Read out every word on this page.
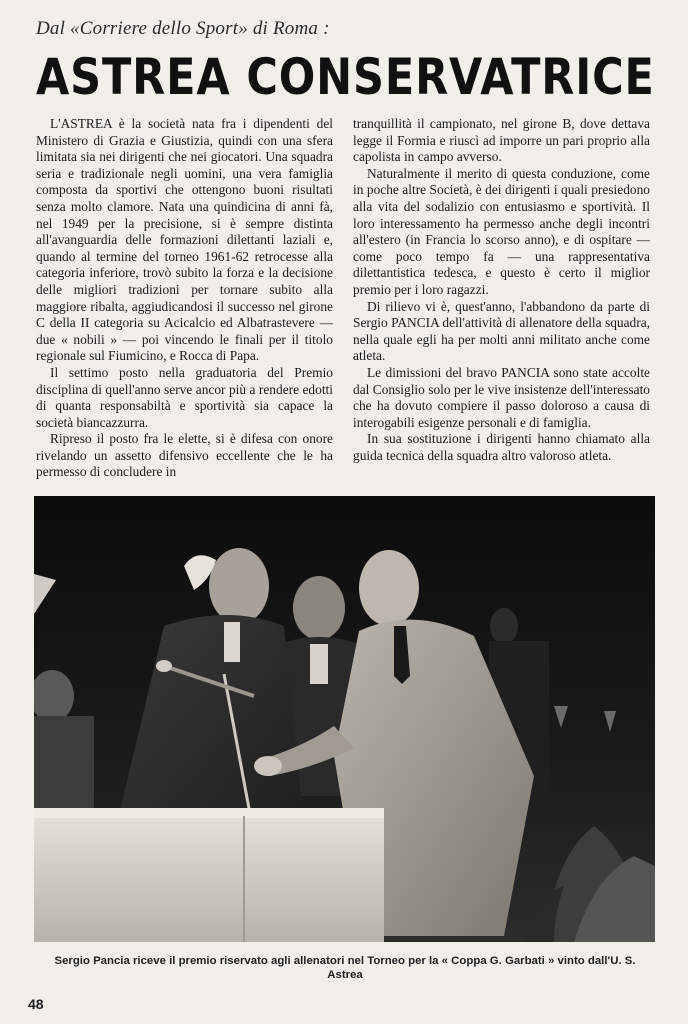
Dal «Corriere dello Sport» di Roma :
ASTREA CONSERVATRICE

L'ASTREA è la società nata fra i dipendenti del Ministero di Grazia e Giustizia, quindi con una sfera limitata sia nei dirigenti che nei giocatori. Una squadra seria e tradizionale negli uomini, una vera famiglia composta da sportivi che ottengono buoni risultati senza molto clamore. Nata una quindicina di anni fà, nel 1949 per la precisione, si è sempre distinta all'avanguardia delle formazioni dilettanti laziali e, quando al termine del torneo 1961-62 retrocesse alla categoria inferiore, trovò subito la forza e la decisione delle migliori tradizioni per tornare subito alla maggiore ribalta, aggiudicandosi il successo nel girone C della II categoria su Acicalcio ed Albatrastevere — due « nobili » — poi vincendo le finali per il titolo regionale sul Fiumicino, e Rocca di Papa.

Il settimo posto nella graduatoria del Premio disciplina di quell'anno serve ancor più a rendere edotti di quanta responsabiltà e sportività sia capace la società biancazzurra.

Ripreso il posto fra le elette, si è difesa con onore rivelando un assetto difensivo eccellente che le ha permesso di concludere in

tranquillità il campionato, nel girone B, dove dettava legge il Formia e riuscì ad imporre un pari proprio alla capolista in campo avverso.

Naturalmente il merito di questa conduzione, come in poche altre Società, è dei dirigenti i quali presiedono alla vita del sodalizio con entusiasmo e sportività. Il loro interessamento ha permesso anche degli incontri all'estero (in Francia lo scorso anno), e di ospitare — come poco tempo fa — una rappresentativa dilettantistica tedesca, e questo è certo il miglior premio per i loro ragazzi.

Di rilievo vi è, quest'anno, l'abbandono da parte di Sergio PANCIA dell'attività di allenatore della squadra, nella quale egli ha per molti anni militato anche come atleta.

Le dimissioni del bravo PANCIA sono state accolte dal Consiglio solo per le vive insistenze dell'interessato che ha dovuto compiere il passo doloroso a causa di interogabili esigenze personali e di famiglia.

In sua sostituzione i dirigenti hanno chiamato alla guida tecnica della squadra altro valoroso atleta.

Sergio Pancia riceve il premio riservato agli allenatori nel Torneo per la « Coppa G. Garbati » vinto dall'U. S. Astrea
48
